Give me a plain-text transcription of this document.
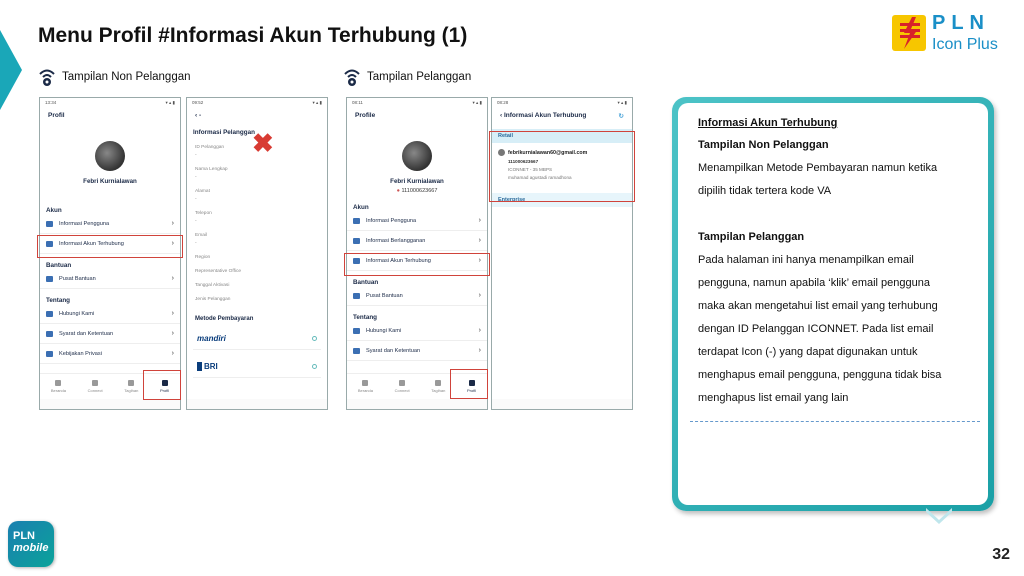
Menu Profil #Informasi Akun Terhubung (1)
PLN
Icon Plus
Tampilan Non Pelanggan	Tampilan Pelanggan
13:34	▾ ▴ ▮
Profil
Febri Kurnialawan
Akun
Informasi Pengguna	›
Informasi Akun Terhubung	›
Bantuan
Pusat Bantuan	›
Tentang
Hubungi Kami	›
Syarat dan Ketentuan	›
Kebijakan Privasi	›
Beranda	Connect	Tagihan	Profil
09:52	▾ ▴ ▮
‹ -
Informasi Pelanggan
ID Pelanggan
-
Nama Lengkap
-
Alamat
-
Telepon
-
Email
-
Region
Representative Office
Tanggal Aktivasi
Jenis Pelanggan
Metode Pembayaran
mandiri
BRI
✖
08:11	▾ ▴ ▮
Profile
Febri Kurnialawan
● 111000623667
Akun
Informasi Pengguna	›
Informasi Berlangganan	›
Informasi Akun Terhubung	›
Bantuan
Pusat Bantuan	›
Tentang
Hubungi Kami	›
Syarat dan Ketentuan	›
Beranda	Connect	Tagihan	Profil
08:28	▾ ▴ ▮
‹ Informasi Akun Terhubung	↻
Retail
febrikurnialawan60@gmail.com
111000623667
ICONNET - 35 MBPS
muhamad agustadi ramadhona
Enterprise
Informasi Akun Terhubung
Tampilan Non Pelanggan
Menampilkan Metode Pembayaran namun ketika
dipilih tidak tertera kode VA
Tampilan Pelanggan
Pada halaman ini hanya menampilkan email
pengguna, namun apabila ‘klik’ email pengguna
maka akan mengetahui list email yang terhubung
dengan ID Pelanggan ICONNET. Pada list email
terdapat Icon (-) yang dapat digunakan untuk
menghapus email pengguna, pengguna tidak bisa
menghapus list email yang lain
PLN
mobile	32
